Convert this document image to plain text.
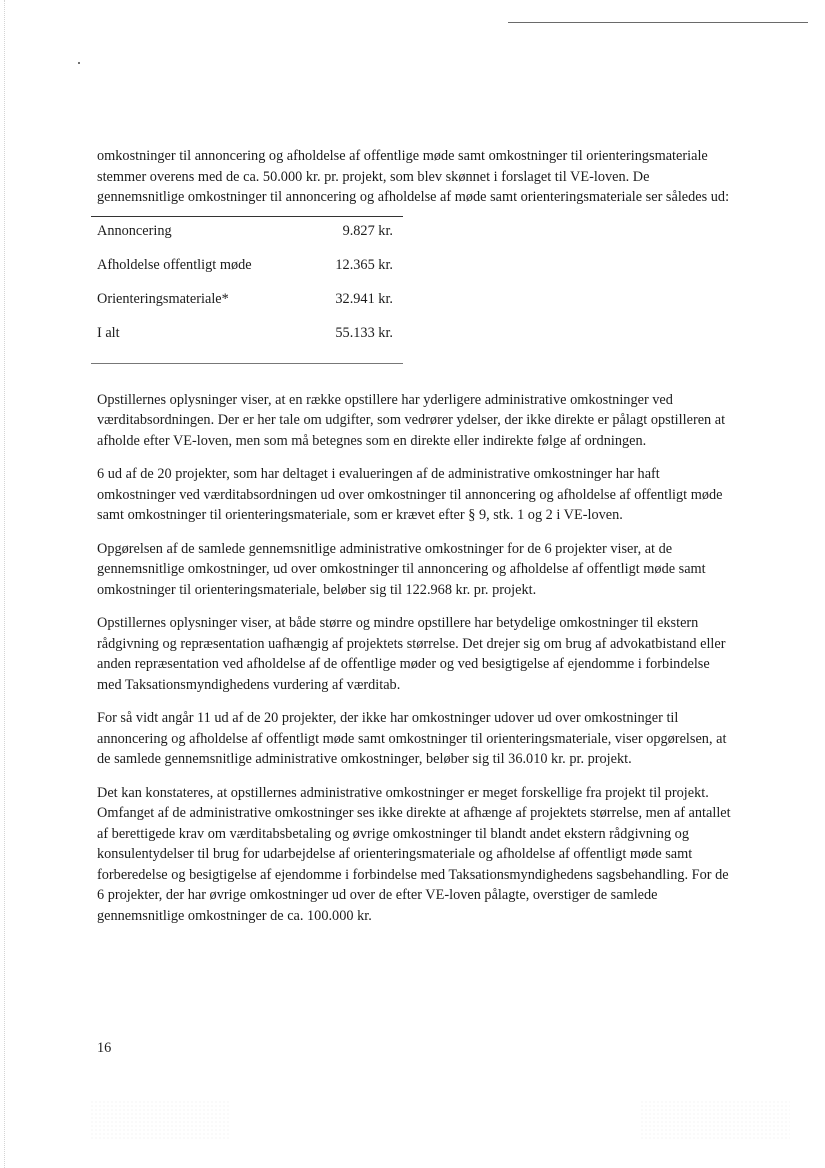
omkostninger til annoncering og afholdelse af offentlige møde samt omkostninger til orienteringsmateriale stemmer overens med de ca. 50.000 kr. pr. projekt, som blev skønnet i forslaget til VE-loven. De gennemsnitlige omkostninger til annoncering og afholdelse af møde samt orienteringsmateriale ser således ud:

Annoncering	9.827 kr.
Afholdelse offentligt møde	12.365 kr.
Orienteringsmateriale*	32.941 kr.
I alt	55.133 kr.

Opstillernes oplysninger viser, at en række opstillere har yderligere administrative omkostninger ved værditabsordningen. Der er her tale om udgifter, som vedrører ydelser, der ikke direkte er pålagt opstilleren at afholde efter VE-loven, men som må betegnes som en direkte eller indirekte følge af ordningen.

6 ud af de 20 projekter, som har deltaget i evalueringen af de administrative omkostninger har haft omkostninger ved værditabsordningen ud over omkostninger til annoncering og afholdelse af offentligt møde samt omkostninger til orienteringsmateriale, som er krævet efter § 9, stk. 1 og 2 i VE-loven.

Opgørelsen af de samlede gennemsnitlige administrative omkostninger for de 6 projekter viser, at de gennemsnitlige omkostninger, ud over omkostninger til annoncering og afholdelse af offentligt møde samt omkostninger til orienteringsmateriale, beløber sig til 122.968 kr. pr. projekt.

Opstillernes oplysninger viser, at både større og mindre opstillere har betydelige omkostninger til ekstern rådgivning og repræsentation uafhængig af projektets størrelse. Det drejer sig om brug af advokatbistand eller anden repræsentation ved afholdelse af de offentlige møder og ved besigtigelse af ejendomme i forbindelse med Taksationsmyndighedens vurdering af værditab.

For så vidt angår 11 ud af de 20 projekter, der ikke har omkostninger udover ud over omkostninger til annoncering og afholdelse af offentligt møde samt omkostninger til orienteringsmateriale, viser opgørelsen, at de samlede gennemsnitlige administrative omkostninger, beløber sig til 36.010 kr. pr. projekt.

Det kan konstateres, at opstillernes administrative omkostninger er meget forskellige fra projekt til projekt. Omfanget af de administrative omkostninger ses ikke direkte at afhænge af projektets størrelse, men af antallet af berettigede krav om værditabsbetaling og øvrige omkostninger til blandt andet ekstern rådgivning og konsulentydelser til brug for udarbejdelse af orienteringsmateriale og afholdelse af offentligt møde samt forberedelse og besigtigelse af ejendomme i forbindelse med Taksationsmyndighedens sagsbehandling. For de 6 projekter, der har øvrige omkostninger ud over de efter VE-loven pålagte, overstiger de samlede gennemsnitlige omkostninger de ca. 100.000 kr.

16
